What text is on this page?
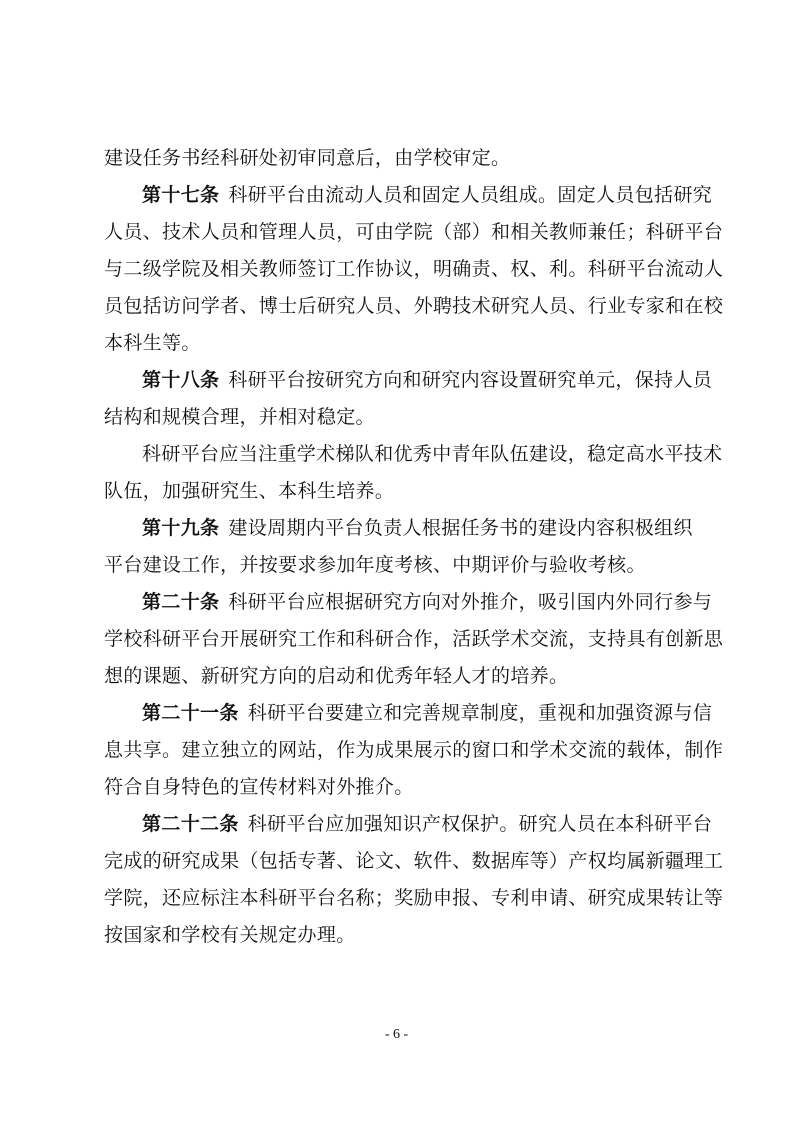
建设任务书经科研处初审同意后，由学校审定。
第十七条 科研平台由流动人员和固定人员组成。固定人员包括研究
人员、技术人员和管理人员，可由学院（部）和相关教师兼任；科研平台
与二级学院及相关教师签订工作协议，明确责、权、利。科研平台流动人
员包括访问学者、博士后研究人员、外聘技术研究人员、行业专家和在校
本科生等。
第十八条 科研平台按研究方向和研究内容设置研究单元，保持人员
结构和规模合理，并相对稳定。
科研平台应当注重学术梯队和优秀中青年队伍建设，稳定高水平技术
队伍，加强研究生、本科生培养。
第十九条 建设周期内平台负责人根据任务书的建设内容积极组织
平台建设工作，并按要求参加年度考核、中期评价与验收考核。
第二十条 科研平台应根据研究方向对外推介，吸引国内外同行参与
学校科研平台开展研究工作和科研合作，活跃学术交流，支持具有创新思
想的课题、新研究方向的启动和优秀年轻人才的培养。
第二十一条 科研平台要建立和完善规章制度，重视和加强资源与信
息共享。建立独立的网站，作为成果展示的窗口和学术交流的载体，制作
符合自身特色的宣传材料对外推介。
第二十二条 科研平台应加强知识产权保护。研究人员在本科研平台
完成的研究成果（包括专著、论文、软件、数据库等）产权均属新疆理工
学院，还应标注本科研平台名称；奖励申报、专利申请、研究成果转让等
按国家和学校有关规定办理。
- 6 -
